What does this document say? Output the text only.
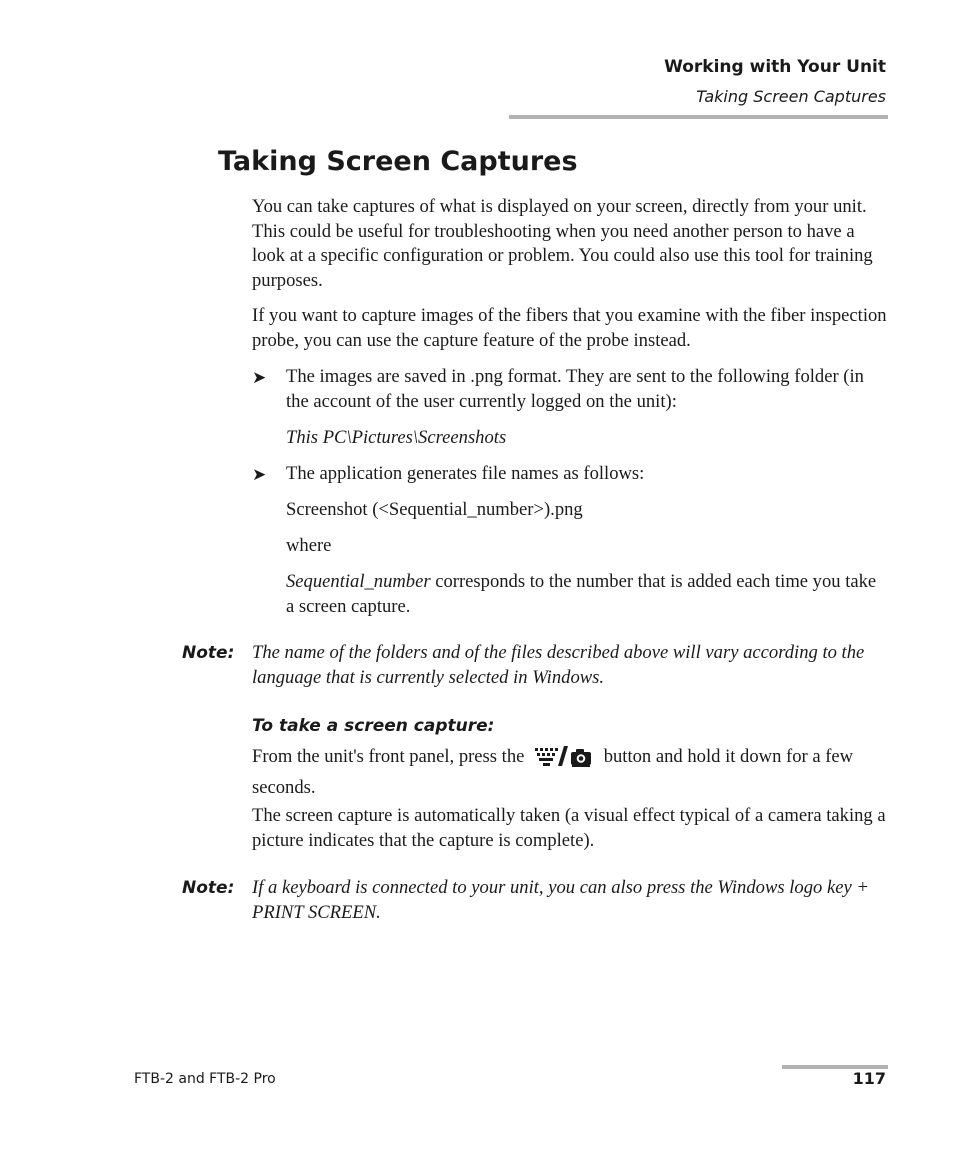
Working with Your Unit
Taking Screen Captures
Taking Screen Captures

You can take captures of what is displayed on your screen, directly from your unit. This could be useful for troubleshooting when you need another person to have a look at a specific configuration or problem. You could also use this tool for training purposes.

If you want to capture images of the fibers that you examine with the fiber inspection probe, you can use the capture feature of the probe instead.

➤ The images are saved in .png format. They are sent to the following folder (in the account of the user currently logged on the unit):

This PC\Pictures\Screenshots

➤ The application generates file names as follows:

Screenshot (<Sequential_number>).png

where

Sequential_number corresponds to the number that is added each time you take a screen capture.

Note: The name of the folders and of the files described above will vary according to the language that is currently selected in Windows.

To take a screen capture:

From the unit's front panel, press the	button and hold it down for a few seconds.

The screen capture is automatically taken (a visual effect typical of a camera taking a picture indicates that the capture is complete).

Note: If a keyboard is connected to your unit, you can also press the Windows logo key + PRINT SCREEN.

FTB-2 and FTB-2 Pro	117
